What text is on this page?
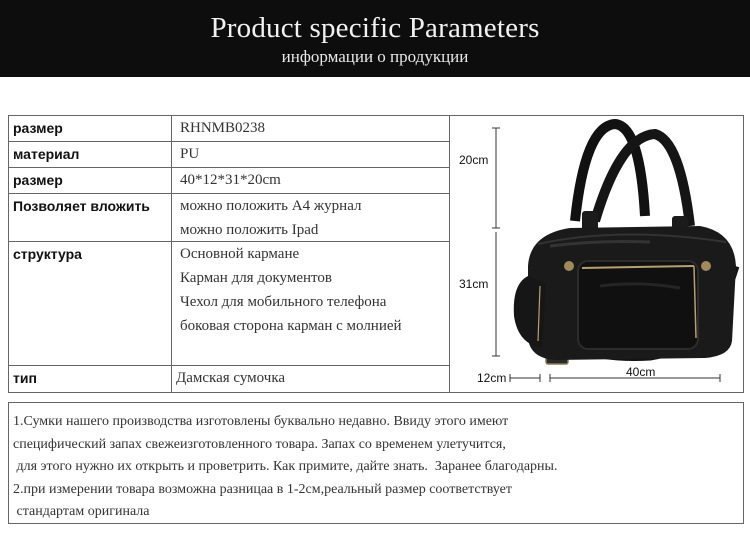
Product specific Parameters
информации о продукции
размер	RHNMB0238
материал	PU
размер	40*12*31*20cm
Позволяет вложить	можно положить A4 журнал
можно положить Ipad
структура	Основной кармане
Карман для документов
Чехол для мобильного телефона
боковая сторона карман с молнией
тип	Дамская сумочка
20cm
31cm
12cm	40cm
1.Сумки нашего производства изготовлены буквально недавно. Ввиду этого имеют
специфический запах свежеизготовленного товара. Запах со временем улетучится,
для этого нужно их открыть и проветрить. Как примите, дайте знать.  Заранее благодарны.
2.при измерении товара возможна разницаа в 1-2см,реальный размер соответствует
стандартам оригинала
